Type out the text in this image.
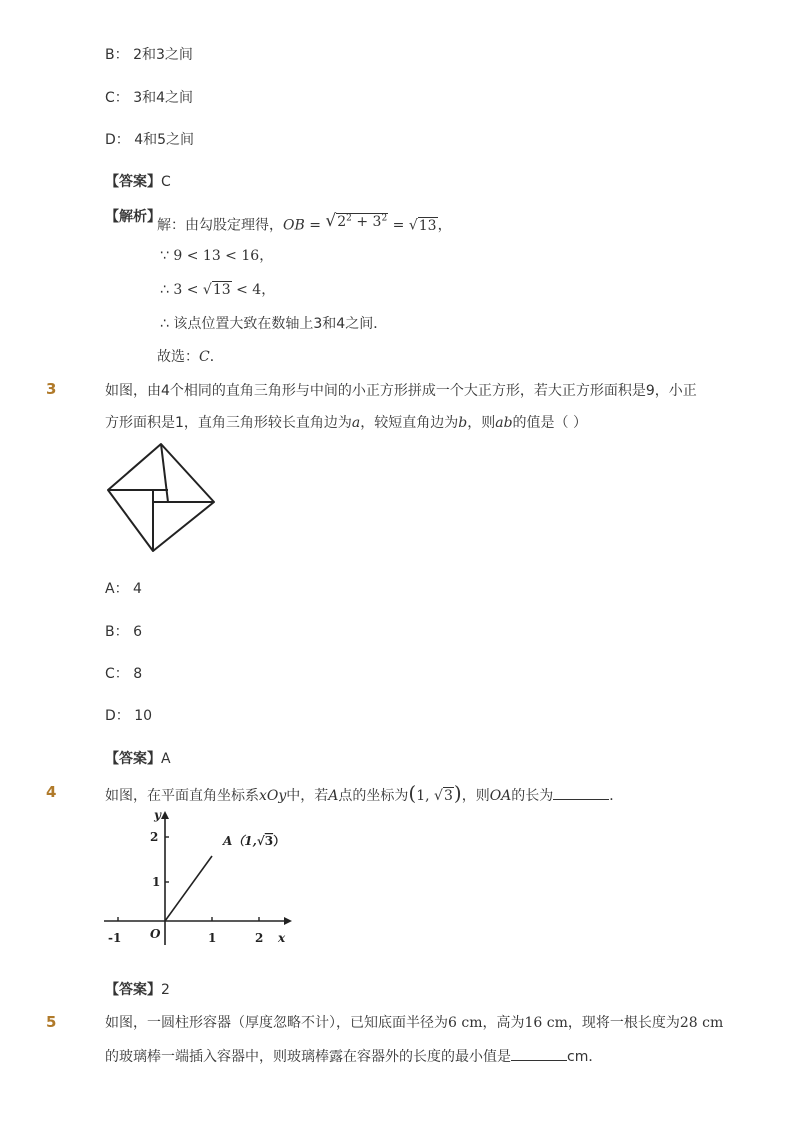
B： 2和3之间
C： 3和4之间
D： 4和5之间
【答案】C
【解析】
解：由勾股定理得，OB = $√2^2 + 3^2 = √13$，
∵ 9 < 13 < 16，
∴ 3 < √13 < 4，
∴ 该点位置大致在数轴上3和4之间．
故选：C．
3	如图，由4个相同的直角三角形与中间的小正方形拼成一个大正方形，若大正方形面积是9，小正
方形面积是1，直角三角形较长直角边为a，较短直角边为b，则ab的值是（ ）
A： 4
B： 6
C： 8
D： 10
【答案】A
4	如图，在平面直角坐标系xOy中，若A点的坐标为(1, √3)，则OA的长为	．
y
x
O
2
1
-1	1	2
A（1,√3）
【答案】2
5	如图，一圆柱形容器（厚度忽略不计），已知底面半径为6 cm，高为16 cm，现将一根长度为28 cm
的玻璃棒一端插入容器中，则玻璃棒露在容器外的长度的最小值是	cm．
